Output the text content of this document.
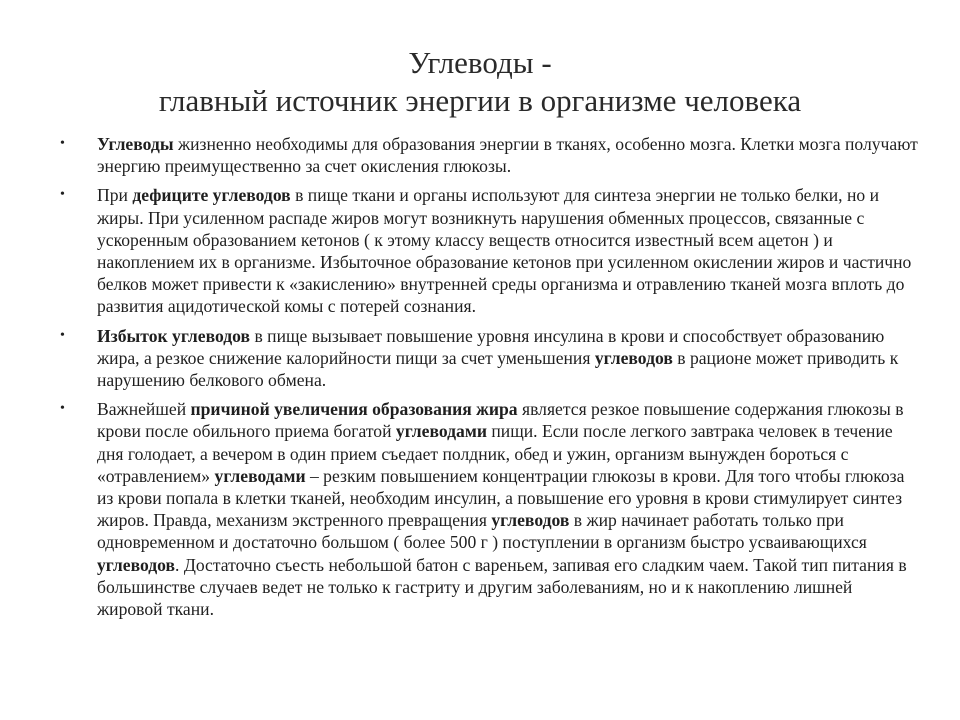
Углеводы -
главный источник энергии в организме человека
•	Углеводы жизненно необходимы для образования энергии в тканях, особенно мозга. Клетки мозга получают энергию преимущественно за счет окисления глюкозы.
•	При дефиците углеводов в пище ткани и органы используют для синтеза энергии не только белки, но и жиры. При усиленном распаде жиров могут возникнуть нарушения обменных процессов, связанные с ускоренным образованием кетонов ( к этому классу веществ относится известный всем ацетон ) и накоплением их в организме. Избыточное образование кетонов при усиленном окислении жиров и частично белков может привести к «закислению» внутренней среды организма и отравлению тканей мозга вплоть до развития ацидотической комы с потерей сознания.
•	Избыток углеводов в пище вызывает повышение уровня инсулина в крови и способствует образованию жира, а резкое снижение калорийности пищи за счет уменьшения углеводов в рационе может приводить к нарушению белкового обмена.
•	Важнейшей причиной увеличения образования жира является резкое повышение содержания глюкозы в крови после обильного приема богатой углеводами пищи. Если после легкого завтрака человек в течение дня голодает, а вечером в один прием съедает полдник, обед и ужин, организм вынужден бороться с «отравлением» углеводами – резким повышением концентрации глюкозы в крови. Для того чтобы глюкоза из крови попала в клетки тканей, необходим инсулин, а повышение его уровня в крови стимулирует синтез жиров. Правда, механизм экстренного превращения углеводов в жир начинает работать только при одновременном и достаточно большом ( более 500 г ) поступлении в организм быстро усваивающихся углеводов. Достаточно съесть небольшой батон с вареньем, запивая его сладким чаем. Такой тип питания в большинстве случаев ведет не только к гастриту и другим заболеваниям, но и к накоплению лишней жировой ткани.
